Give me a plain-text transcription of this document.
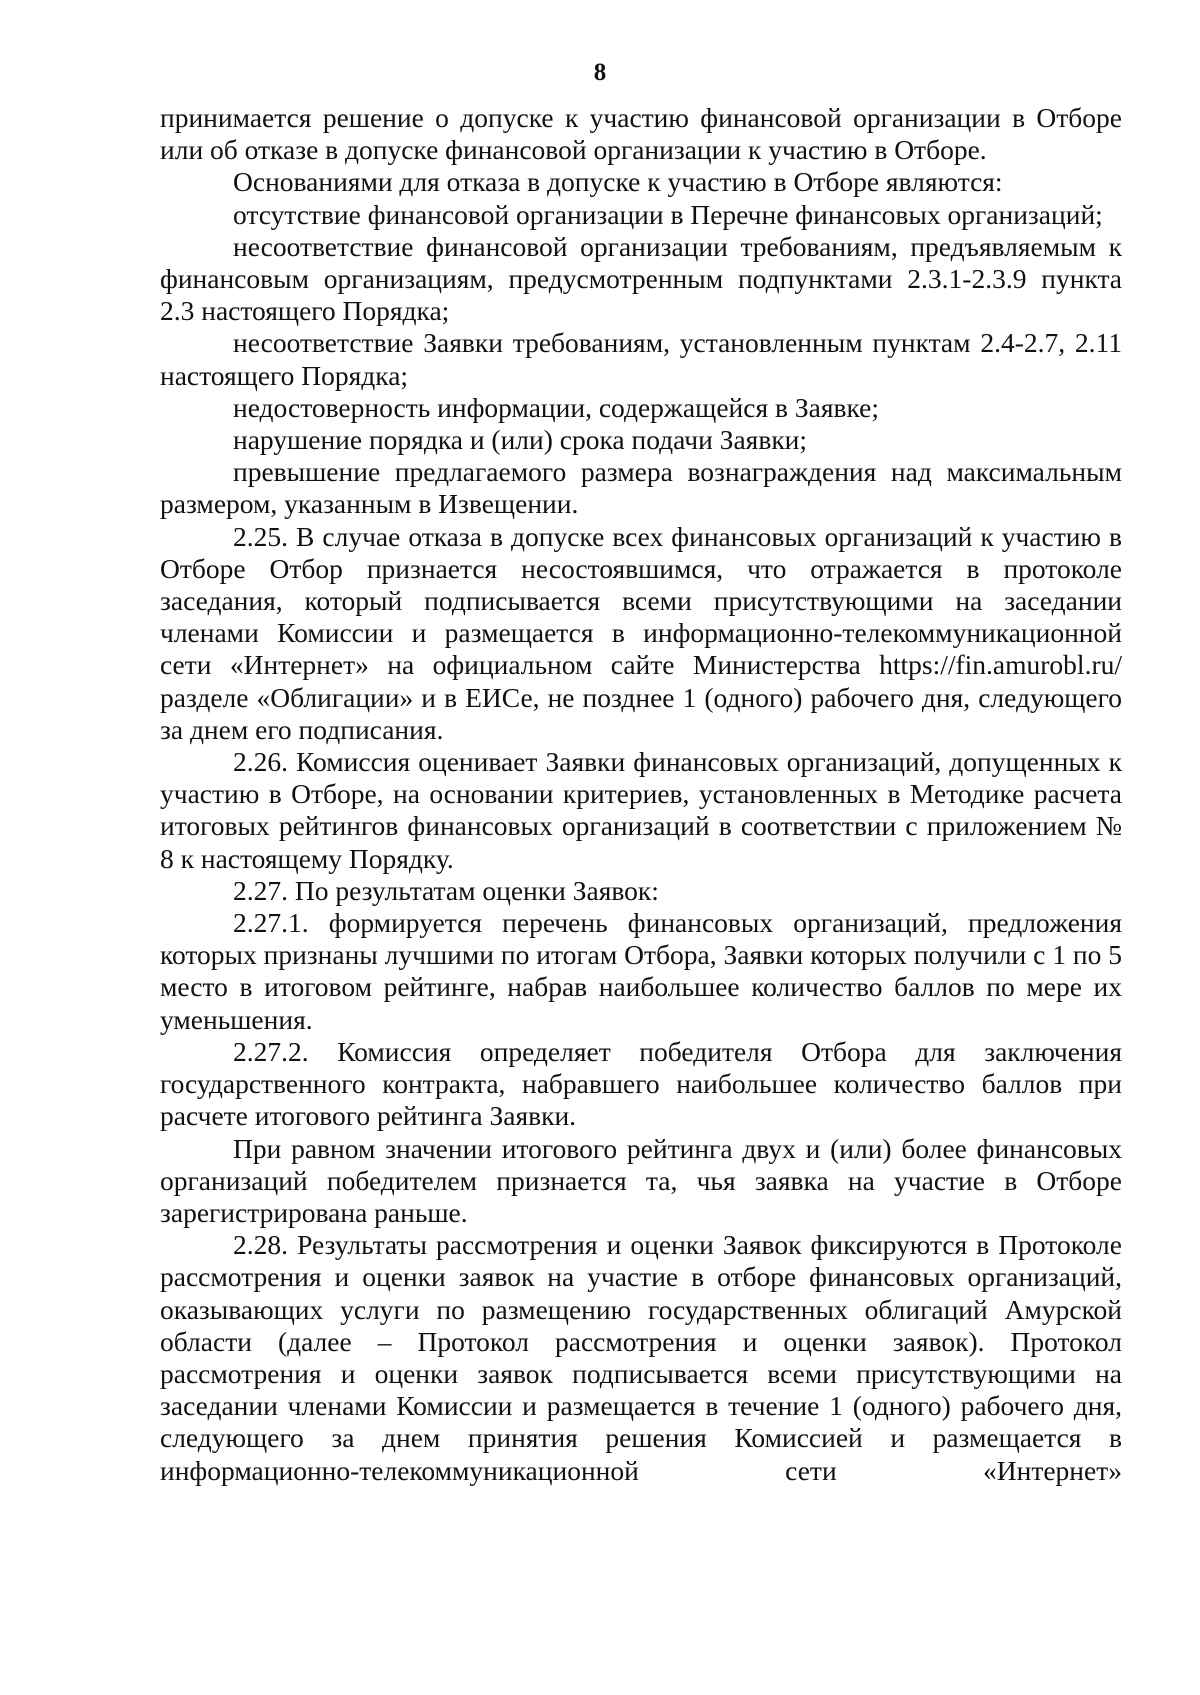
8

принимается решение о допуске к участию финансовой организации в Отборе или об отказе в допуске финансовой организации к участию в Отборе.

Основаниями для отказа в допуске к участию в Отборе являются:

отсутствие финансовой организации в Перечне финансовых организаций;

несоответствие финансовой организации требованиям, предъявляемым к финансовым организациям, предусмотренным подпунктами 2.3.1-2.3.9 пункта 2.3 настоящего Порядка;

несоответствие Заявки требованиям, установленным пунктам 2.4-2.7, 2.11 настоящего Порядка;

недостоверность информации, содержащейся в Заявке;

нарушение порядка и (или) срока подачи Заявки;

превышение предлагаемого размера вознаграждения над максимальным размером, указанным в Извещении.

2.25. В случае отказа в допуске всех финансовых организаций к участию в Отборе Отбор признается несостоявшимся, что отражается в протоколе заседания, который подписывается всеми присутствующими на заседании членами Комиссии и размещается в информационно-телекоммуникационной сети «Интернет» на официальном сайте Министерства https://fin.amurobl.ru/ разделе «Облигации» и в ЕИСе, не позднее 1 (одного) рабочего дня, следующего за днем его подписания.

2.26. Комиссия оценивает Заявки финансовых организаций, допущенных к участию в Отборе, на основании критериев, установленных в Методике расчета итоговых рейтингов финансовых организаций в соответствии с приложением № 8 к настоящему Порядку.

2.27. По результатам оценки Заявок:

2.27.1. формируется перечень финансовых организаций, предложения которых признаны лучшими по итогам Отбора, Заявки которых получили с 1 по 5 место в итоговом рейтинге, набрав наибольшее количество баллов по мере их уменьшения.

2.27.2. Комиссия определяет победителя Отбора для заключения государственного контракта, набравшего наибольшее количество баллов при расчете итогового рейтинга Заявки.

При равном значении итогового рейтинга двух и (или) более финансовых организаций победителем признается та, чья заявка на участие в Отборе зарегистрирована раньше.

2.28. Результаты рассмотрения и оценки Заявок фиксируются в Протоколе рассмотрения и оценки заявок на участие в отборе финансовых организаций, оказывающих услуги по размещению государственных облигаций Амурской области (далее – Протокол рассмотрения и оценки заявок). Протокол рассмотрения и оценки заявок подписывается всеми присутствующими на заседании членами Комиссии и размещается в течение 1 (одного) рабочего дня, следующего за днем принятия решения Комиссией и размещается в информационно-телекоммуникационной сети «Интернет»
